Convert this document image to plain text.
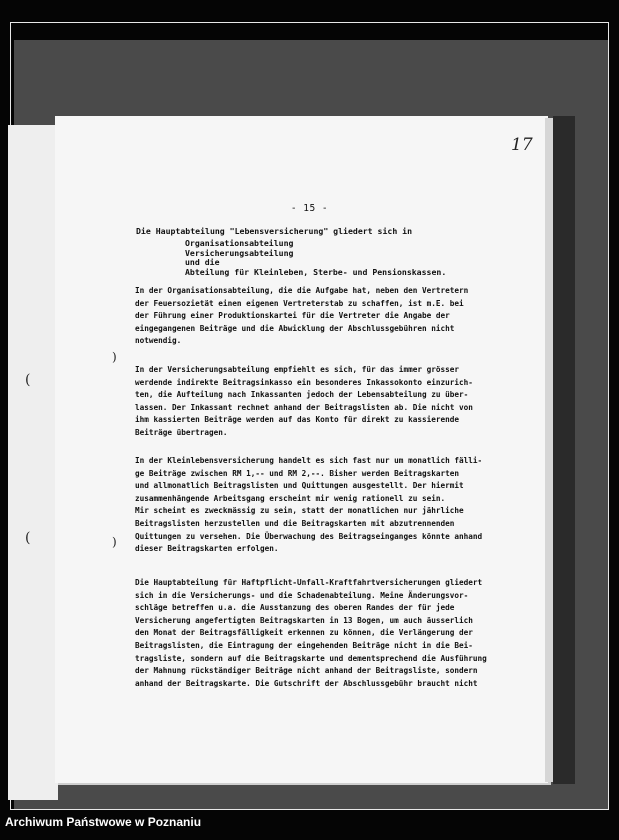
(
)
(	)
17
- 15 -
Die Hauptabteilung "Lebensversicherung" gliedert sich in
Organisationsabteilung
Versicherungsabteilung
und die
Abteilung für Kleinleben, Sterbe- und Pensionskassen.
In der Organisationsabteilung, die die Aufgabe hat, neben den Vertretern
der Feuersozietät einen eigenen Vertreterstab zu schaffen, ist m.E. bei
der Führung einer Produktionskartei für die Vertreter die Angabe der
eingegangenen Beiträge und die Abwicklung der Abschlussgebühren nicht
notwendig.
In der Versicherungsabteilung empfiehlt es sich, für das immer grösser
werdende indirekte Beitragsinkasso ein besonderes Inkassokonto einzurich-
ten, die Aufteilung nach Inkassanten jedoch der Lebensabteilung zu über-
lassen. Der Inkassant rechnet anhand der Beitragslisten ab. Die nicht von
ihm kassierten Beiträge werden auf das Konto für direkt zu kassierende
Beiträge übertragen.
In der Kleinlebensversicherung handelt es sich fast nur um monatlich fälli-
ge Beiträge zwischen RM 1,-- und RM 2,--. Bisher werden Beitragskarten
und allmonatlich Beitragslisten und Quittungen ausgestellt. Der hiermit
zusammenhängende Arbeitsgang erscheint mir wenig rationell zu sein.
Mir scheint es zweckmässig zu sein, statt der monatlichen nur jährliche
Beitragslisten herzustellen und die Beitragskarten mit abzutrennenden
Quittungen zu versehen. Die Überwachung des Beitragseinganges könnte anhand
dieser Beitragskarten erfolgen.
Die Hauptabteilung für Haftpflicht-Unfall-Kraftfahrtversicherungen gliedert
sich in die Versicherungs- und die Schadenabteilung. Meine Änderungsvor-
schläge betreffen u.a. die Ausstanzung des oberen Randes der für jede
Versicherung angefertigten Beitragskarten in 13 Bogen, um auch äusserlich
den Monat der Beitragsfälligkeit erkennen zu können, die Verlängerung der
Beitragslisten, die Eintragung der eingehenden Beiträge nicht in die Bei-
tragsliste, sondern auf die Beitragskarte und dementsprechend die Ausführung
der Mahnung rückständiger Beiträge nicht anhand der Beitragsliste, sondern
anhand der Beitragskarte. Die Gutschrift der Abschlussgebühr braucht nicht
Archiwum Państwowe w Poznaniu
